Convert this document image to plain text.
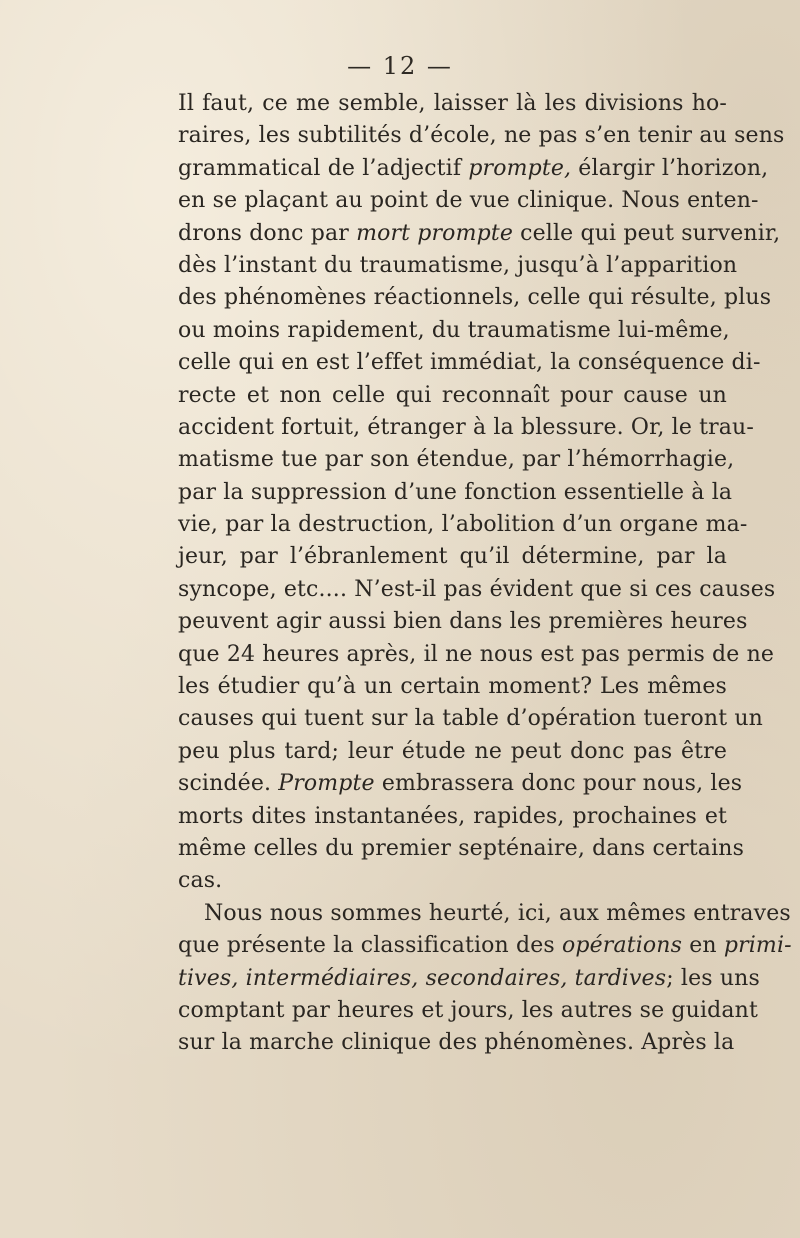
— 12 —
Il faut, ce me semble, laisser là les divisions ho-
raires, les subtilités d’école, ne pas s’en tenir au sens
grammatical de l’adjectif prompte, élargir l’horizon,
en se plaçant au point de vue clinique. Nous enten-
drons donc par mort prompte celle qui peut survenir,
dès l’instant du traumatisme, jusqu’à l’apparition
des phénomènes réactionnels, celle qui résulte, plus
ou moins rapidement, du traumatisme lui-même,
celle qui en est l’effet immédiat, la conséquence di-
recte et non celle qui reconnaît pour cause un
accident fortuit, étranger à la blessure. Or, le trau-
matisme tue par son étendue, par l’hémorrhagie,
par la suppression d’une fonction essentielle à la
vie, par la destruction, l’abolition d’un organe ma-
jeur, par l’ébranlement qu’il détermine, par la
syncope, etc.... N’est-il pas évident que si ces causes
peuvent agir aussi bien dans les premières heures
que 24 heures après, il ne nous est pas permis de ne
les étudier qu’à un certain moment? Les mêmes
causes qui tuent sur la table d’opération tueront un
peu plus tard; leur étude ne peut donc pas être
scindée. Prompte embrassera donc pour nous, les
morts dites instantanées, rapides, prochaines et
même celles du premier septénaire, dans certains
cas.
Nous nous sommes heurté, ici, aux mêmes entraves
que présente la classification des opérations en primi-
tives, intermédiaires, secondaires, tardives; les uns
comptant par heures et jours, les autres se guidant
sur la marche clinique des phénomènes. Après la
